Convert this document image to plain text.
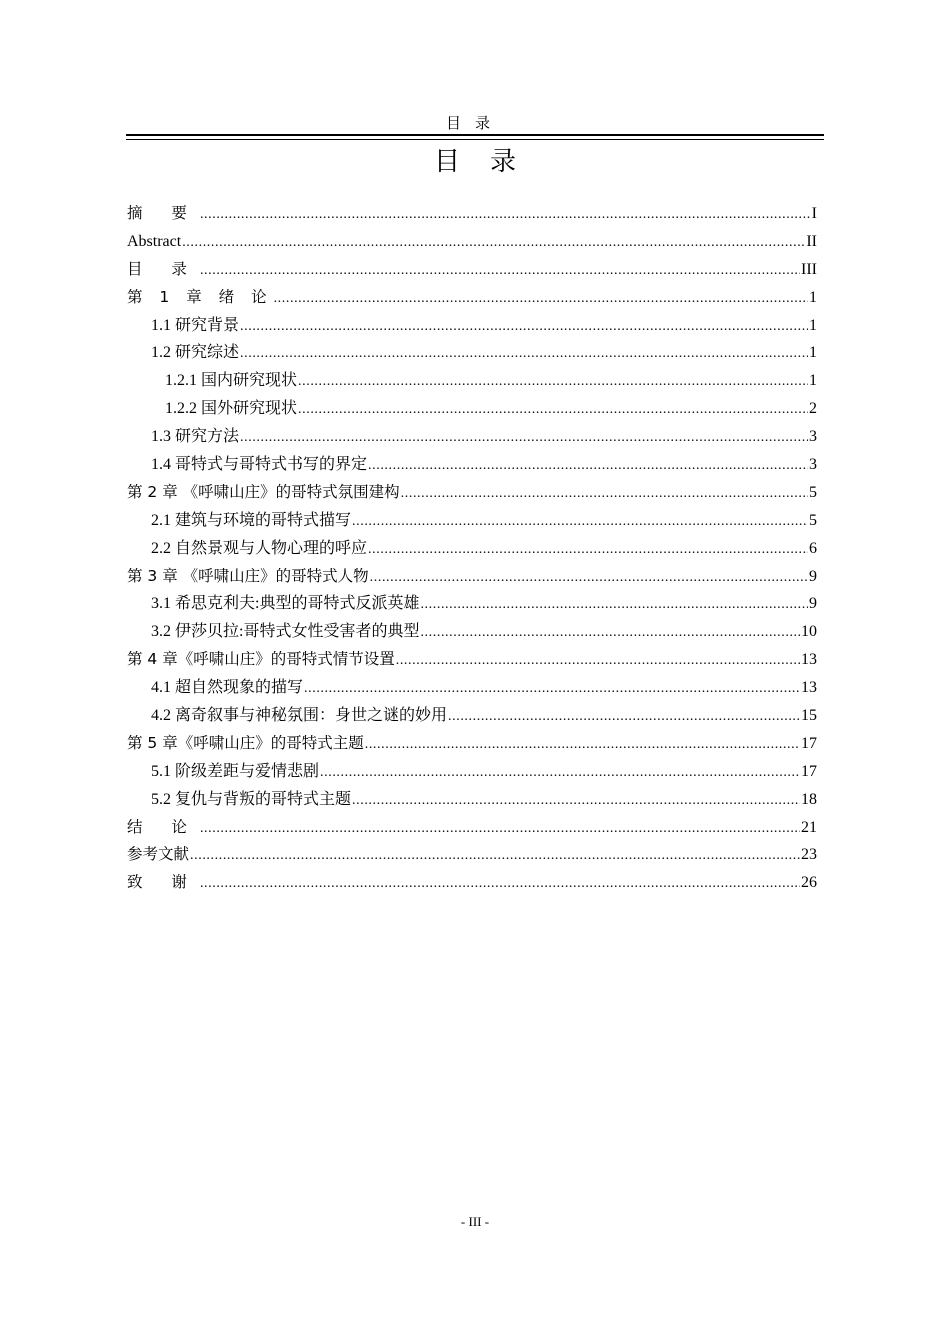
目录
目录
摘 要 .....	I
Abstract .....	II
目 录 .....	III
第 1 章 绪 论 .....	1
1.1 研究背景 .....	1
1.2 研究综述 .....	1
1.2.1 国内研究现状 .....	1
1.2.2 国外研究现状 .....	2
1.3 研究方法 .....	3
1.4 哥特式与哥特式书写的界定 .....	3
第 2 章 《呼啸山庄》的哥特式氛围建构 .....	5
2.1 建筑与环境的哥特式描写 .....	5
2.2 自然景观与人物心理的呼应 .....	6
第 3 章 《呼啸山庄》的哥特式人物 .....	9
3.1 希思克利夫:典型的哥特式反派英雄 .....	9
3.2 伊莎贝拉:哥特式女性受害者的典型 .....	10
第 4 章《呼啸山庄》的哥特式情节设置 .....	13
4.1 超自然现象的描写 .....	13
4.2 离奇叙事与神秘氛围：身世之谜的妙用 .....	15
第 5 章《呼啸山庄》的哥特式主题 .....	17
5.1 阶级差距与爱情悲剧 .....	17
5.2 复仇与背叛的哥特式主题 .....	18
结 论 .....	21
参考文献 .....	23
致 谢 .....	26
- III -
